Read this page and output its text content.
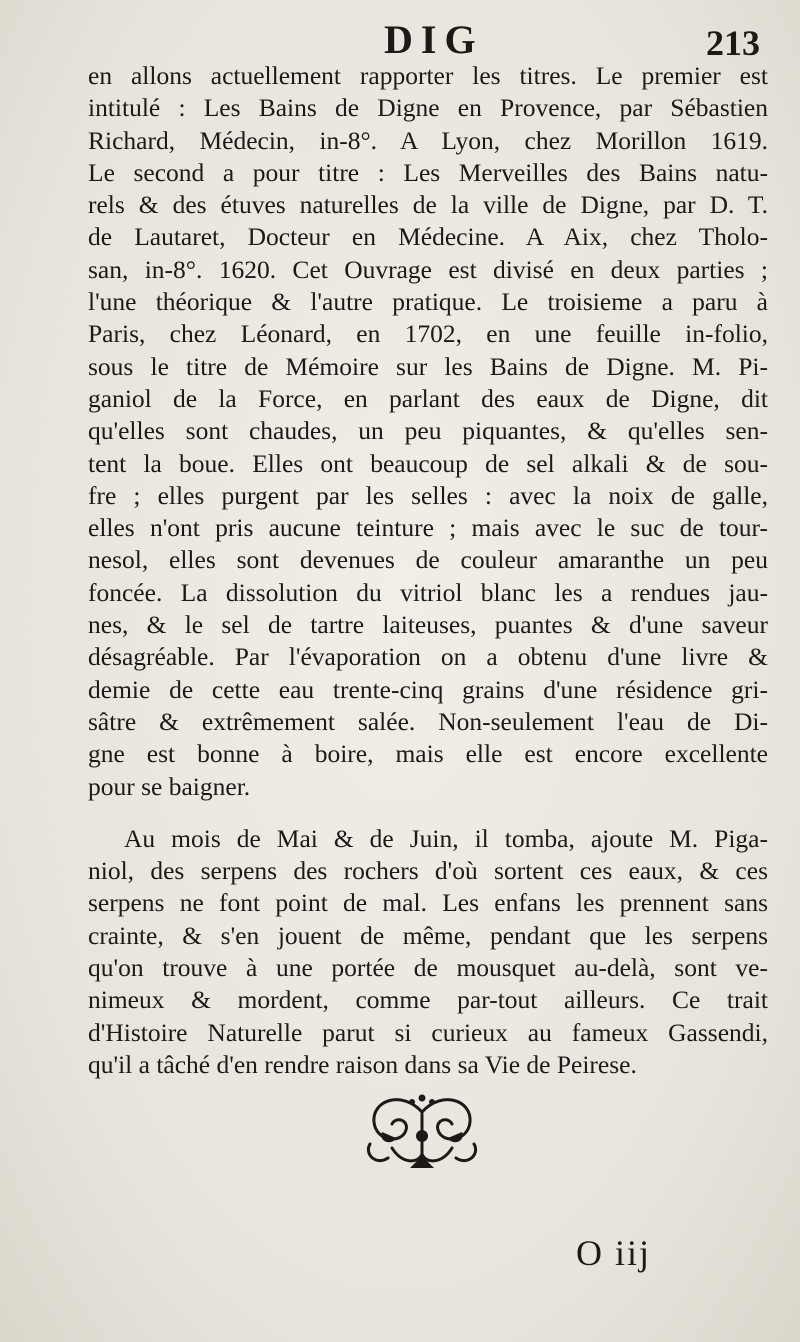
DIG	213
en allons actuellement rapporter les titres. Le premier est
intitulé : Les Bains de Digne en Provence, par Sébastien
Richard, Médecin, in-8°. A Lyon, chez Morillon 1619.
Le second a pour titre : Les Merveilles des Bains natu-
rels & des étuves naturelles de la ville de Digne, par D. T.
de Lautaret, Docteur en Médecine. A Aix, chez Tholo-
san, in-8°. 1620. Cet Ouvrage est divisé en deux parties ;
l'une théorique & l'autre pratique. Le troisieme a paru à
Paris, chez Léonard, en 1702, en une feuille in-folio,
sous le titre de Mémoire sur les Bains de Digne. M. Pi-
ganiol de la Force, en parlant des eaux de Digne, dit
qu'elles sont chaudes, un peu piquantes, & qu'elles sen-
tent la boue. Elles ont beaucoup de sel alkali & de sou-
fre ; elles purgent par les selles : avec la noix de galle,
elles n'ont pris aucune teinture ; mais avec le suc de tour-
nesol, elles sont devenues de couleur amaranthe un peu
foncée. La dissolution du vitriol blanc les a rendues jau-
nes, & le sel de tartre laiteuses, puantes & d'une saveur
désagréable. Par l'évaporation on a obtenu d'une livre &
demie de cette eau trente-cinq grains d'une résidence gri-
sâtre & extrêmement salée. Non-seulement l'eau de Di-
gne est bonne à boire, mais elle est encore excellente
pour se baigner.
Au mois de Mai & de Juin, il tomba, ajoute M. Piga-
niol, des serpens des rochers d'où sortent ces eaux, & ces
serpens ne font point de mal. Les enfans les prennent sans
crainte, & s'en jouent de même, pendant que les serpens
qu'on trouve à une portée de mousquet au-delà, sont ve-
nimeux & mordent, comme par-tout ailleurs. Ce trait
d'Histoire Naturelle parut si curieux au fameux Gassendi,
qu'il a tâché d'en rendre raison dans sa Vie de Peirese.
O iij
